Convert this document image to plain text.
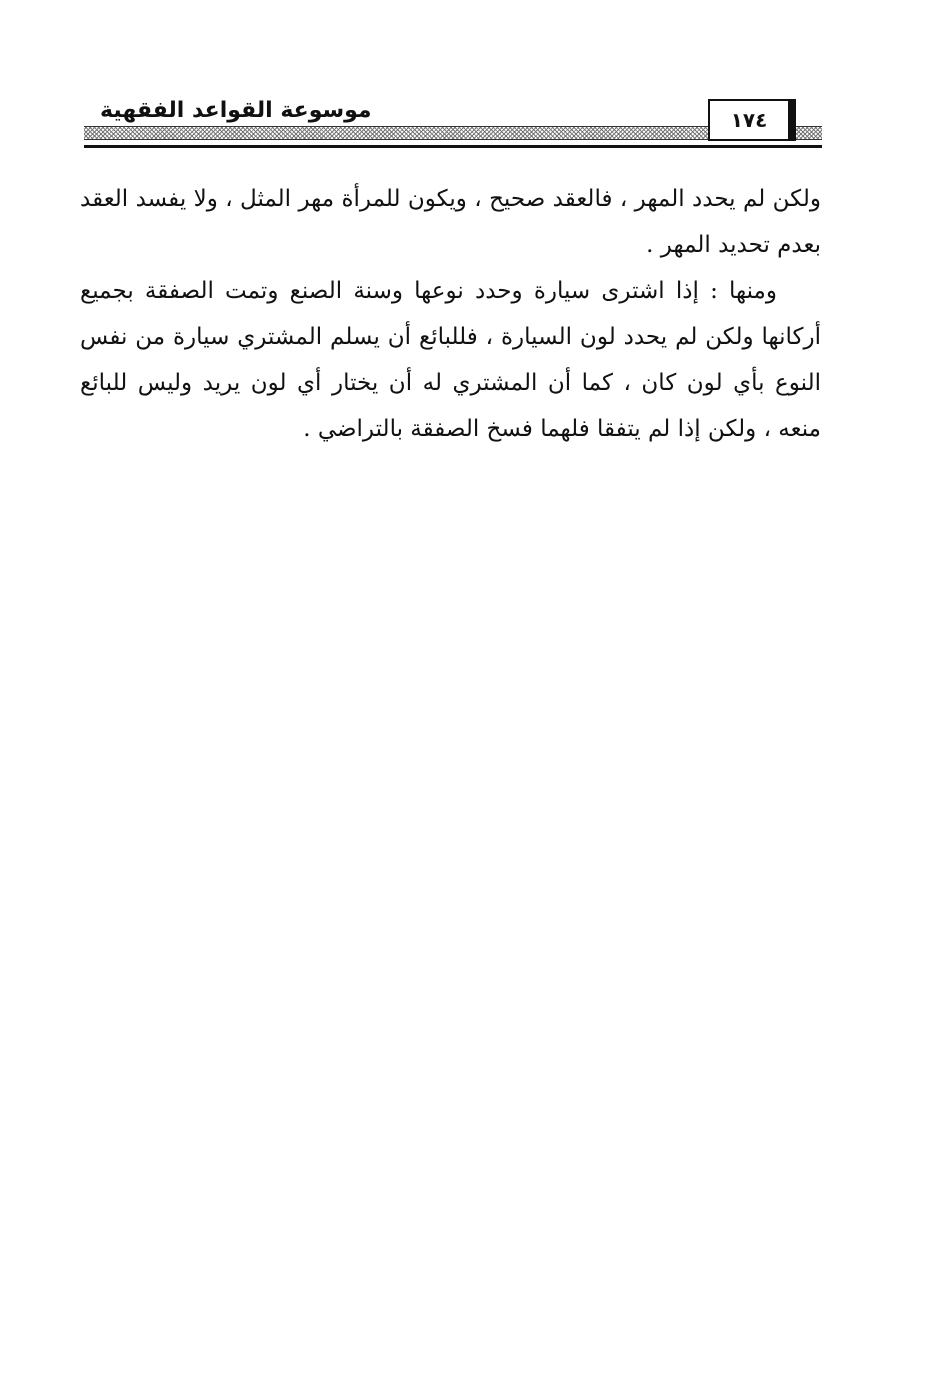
موسوعة القواعد الفقهية	١٧٤

ولكن لم يحدد المهر ، فالعقد صحيح ، ويكون للمرأة مهر المثل ، ولا يفسد العقد بعدم تحديد المهر .

ومنها : إذا اشترى سيارة وحدد نوعها وسنة الصنع وتمت الصفقة بجميع أركانها ولكن لم يحدد لون السيارة ، فللبائع أن يسلم المشتري سيارة من نفس النوع بأي لون كان ، كما أن المشتري له أن يختار أي لون يريد وليس للبائع منعه ، ولكن إذا لم يتفقا فلهما فسخ الصفقة بالتراضي .
